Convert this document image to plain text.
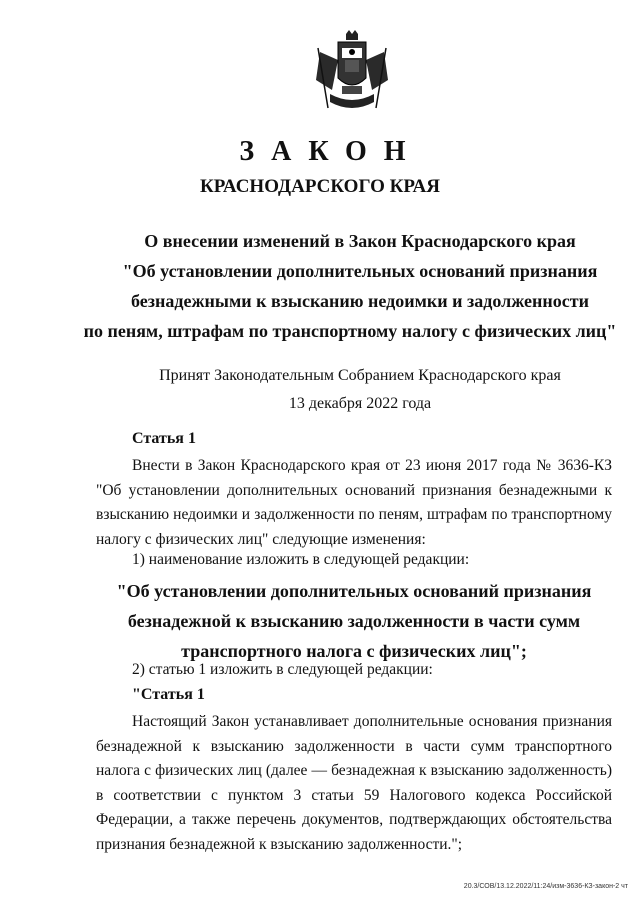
ЗАКОН
КРАСНОДАРСКОГО КРАЯ
О внесении изменений в Закон Краснодарского края
"Об установлении дополнительных оснований признания
безнадежными к взысканию недоимки и задолженности
по пеням, штрафам по транспортному налогу с физических лиц"
Принят Законодательным Собранием Краснодарского края
13 декабря 2022 года
Статья 1

Внести в Закон Краснодарского края от 23 июня 2017 года № 3636-КЗ "Об установлении дополнительных оснований признания безнадежными к взысканию недоимки и задолженности по пеням, штрафам по транспортному налогу с физических лиц" следующие изменения:

1) наименование изложить в следующей редакции:
"Об установлении дополнительных оснований признания
безнадежной к взысканию задолженности в части сумм
транспортного налога с физических лиц";
2) статью 1 изложить в следующей редакции:
"Статья 1

Настоящий Закон устанавливает дополнительные основания признания безнадежной к взысканию задолженности в части сумм транспортного налога с физических лиц (далее — безнадежная к взысканию задолженность) в соответствии с пунктом 3 статьи 59 Налогового кодекса Российской Федерации, а также перечень документов, подтверждающих обстоятельства признания безнадежной к взысканию задолженности.";

20.3/СОВ/13.12.2022/11:24/изм-3636-КЗ-закон-2 чт
